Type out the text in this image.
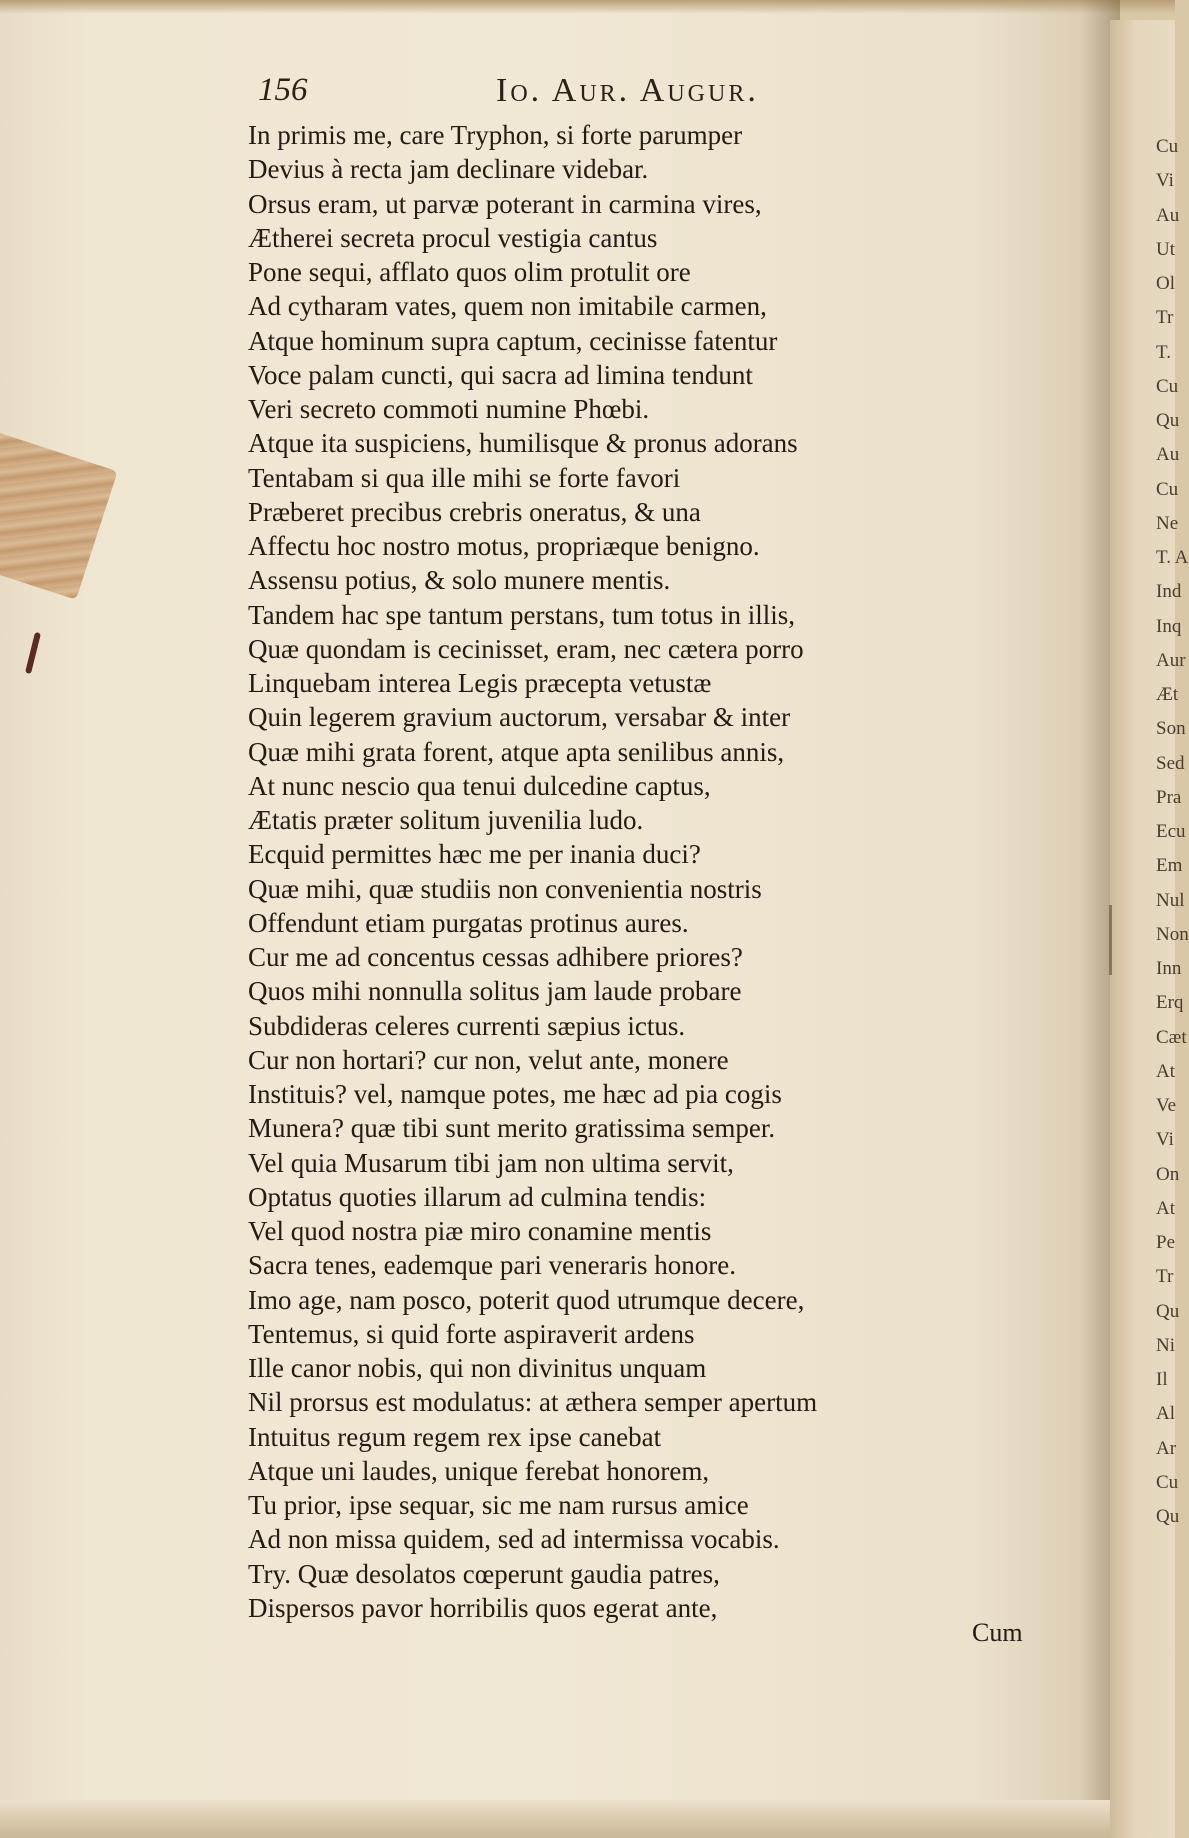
156	Io. Aur. Augur.
In primis me, care Tryphon, si forte parumper
Devius à recta jam declinare videbar.
Orsus eram, ut parvæ poterant in carmina vires,
Ætherei secreta procul vestigia cantus
Pone sequi, afflato quos olim protulit ore
Ad cytharam vates, quem non imitabile carmen,
Atque hominum supra captum, cecinisse fatentur
Voce palam cuncti, qui sacra ad limina tendunt
Veri secreto commoti numine Phœbi.
Atque ita suspiciens, humilisque & pronus adorans
Tentabam si qua ille mihi se forte favori
Præberet precibus crebris oneratus, & una
Affectu hoc nostro motus, propriæque benigno.
Assensu potius, & solo munere mentis.
Tandem hac spe tantum perstans, tum totus in illis,
Quæ quondam is cecinisset, eram, nec cætera porro
Linquebam interea Legis præcepta vetustæ
Quin legerem gravium auctorum, versabar & inter
Quæ mihi grata forent, atque apta senilibus annis,
At nunc nescio qua tenui dulcedine captus,
Ætatis præter solitum juvenilia ludo.
Ecquid permittes hæc me per inania duci?
Quæ mihi, quæ studiis non convenientia nostris
Offendunt etiam purgatas protinus aures.
Cur me ad concentus cessas adhibere priores?
Quos mihi nonnulla solitus jam laude probare
Subdideras celeres currenti sæpius ictus.
Cur non hortari? cur non, velut ante, monere
Instituis? vel, namque potes, me hæc ad pia cogis
Munera? quæ tibi sunt merito gratissima semper.
Vel quia Musarum tibi jam non ultima servit,
Optatus quoties illarum ad culmina tendis:
Vel quod nostra piæ miro conamine mentis
Sacra tenes, eademque pari veneraris honore.
Imo age, nam posco, poterit quod utrumque decere,
Tentemus, si quid forte aspiraverit ardens
Ille canor nobis, qui non divinitus unquam
Nil prorsus est modulatus: at æthera semper apertum
Intuitus regum regem rex ipse canebat
Atque uni laudes, unique ferebat honorem,
Tu prior, ipse sequar, sic me nam rursus amice
Ad non missa quidem, sed ad intermissa vocabis.
Try. Quæ desolatos cœperunt gaudia patres,
Dispersos pavor horribilis quos egerat ante,
Cum
Cu
Vi
Au
Ut
Ol
Tr
T.
Cu
Qu
Au
Cu
Ne
T. A
Ind
Inq
Aur
Æt
Son
Sed
Pra
Ecu
Em
Nul
Non
Inn
Erq
Cæt
At
Ve
Vi
On
At
Pe
Tr
Qu
Ni
Il
Al
Ar
Cu
Qu
